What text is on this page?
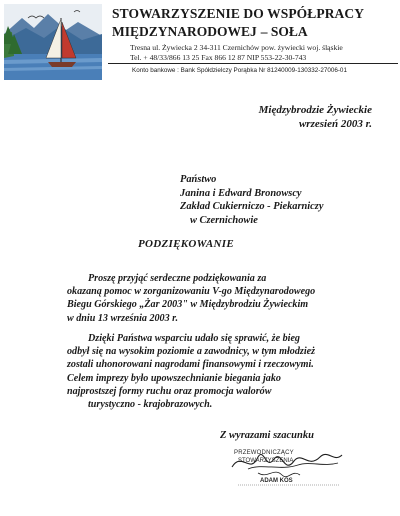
STOWARZYSZENIE DO WSPÓŁPRACY
MIĘDZYNARODOWEJ – SOŁA
Tresna ul. Żywiecka 2 34-311 Czernichów pow. żywiecki woj. śląskie
Tel. + 48/33/866 13 25 Fax 866 12 87 NIP 553-22-30-743
Konto bankowe : Bank Spółdzielczy Porąbka Nr 81240009-130332-27006-01
Międzybrodzie Żywieckie
wrzesień 2003 r.
Państwo
Janina i Edward Bronowscy
Zakład Cukierniczo - Piekarniczy
w Czernichowie
PODZIĘKOWANIE
Proszę przyjąć serdeczne podziękowania za
okazaną pomoc w zorganizowaniu V-go Międzynarodowego
Biegu Górskiego „Żar 2003" w Międzybrodziu Żywieckim
w dniu 13 września 2003 r.
Dzięki Państwa wsparciu udało się sprawić, że bieg
odbył się na wysokim poziomie a zawodnicy, w tym młodzież
zostali uhonorowani nagrodami finansowymi i rzeczowymi.
Celem imprezy było upowszechnianie biegania jako
najprostszej formy ruchu oraz promocja walorów
turystyczno - krajobrazowych.
Z wyrazami szacunku
PRZEWODNICZĄCY
STOWARZYSZENIA
ADAM KOS
